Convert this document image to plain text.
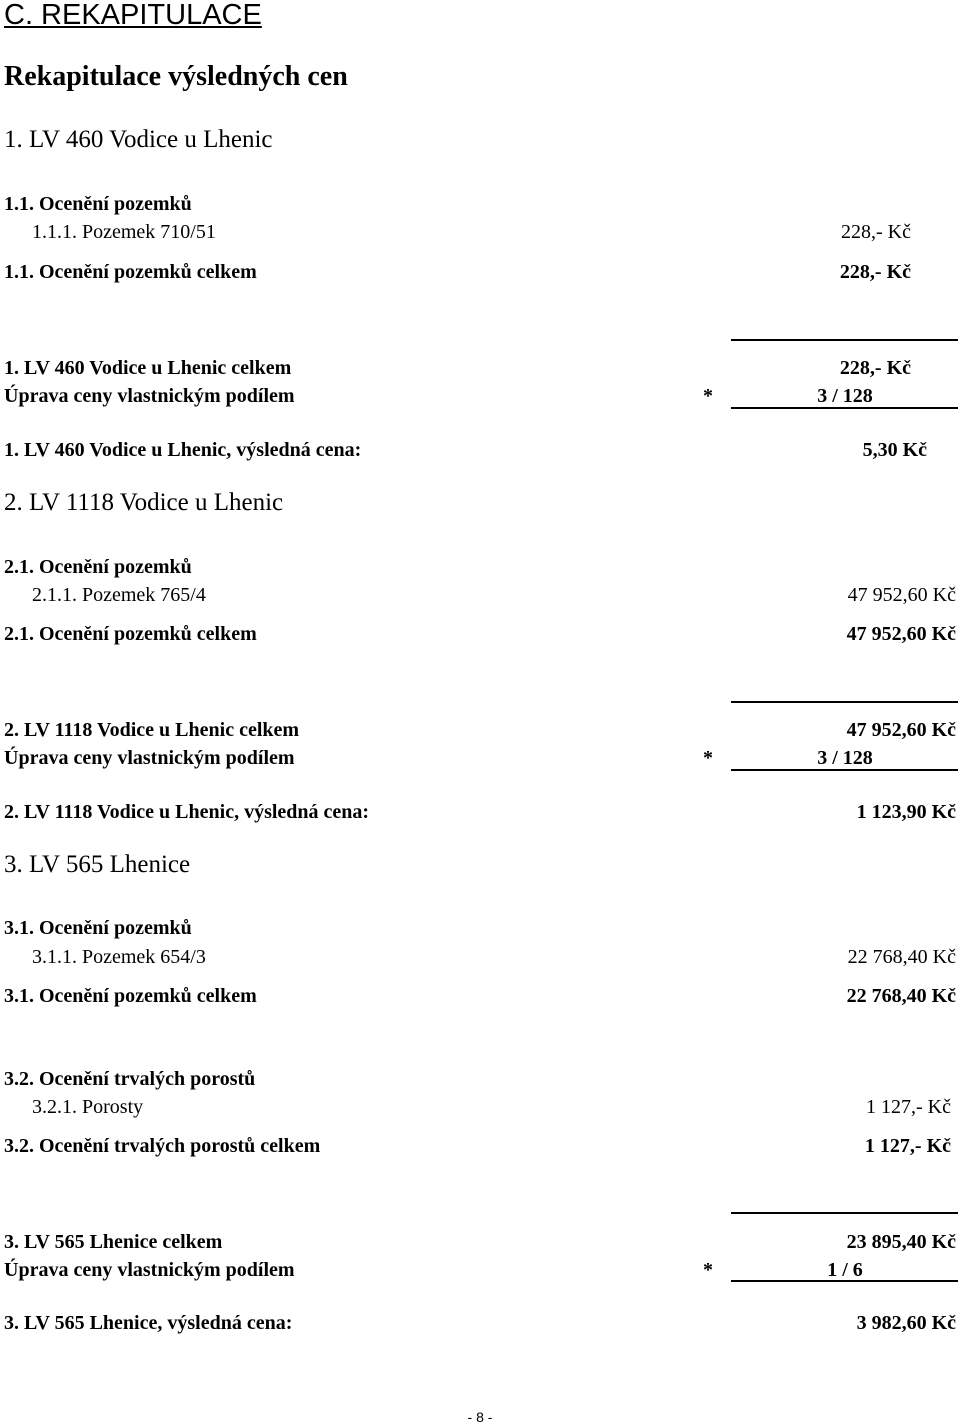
C. REKAPITULACE
Rekapitulace výsledných cen
1. LV 460 Vodice u Lhenic
1.1. Ocenění pozemků
1.1.1. Pozemek 710/51	228,- Kč
1.1. Ocenění pozemků celkem	228,- Kč
1. LV 460 Vodice u Lhenic celkem	228,- Kč
Úprava ceny vlastnickým podílem	*	3 / 128
1. LV 460 Vodice u Lhenic, výsledná cena:	5,30 Kč
2. LV 1118 Vodice u Lhenic
2.1. Ocenění pozemků
2.1.1. Pozemek 765/4	47 952,60 Kč
2.1. Ocenění pozemků celkem	47 952,60 Kč
2. LV 1118 Vodice u Lhenic celkem	47 952,60 Kč
Úprava ceny vlastnickým podílem	*	3 / 128
2. LV 1118 Vodice u Lhenic, výsledná cena:	1 123,90 Kč
3. LV 565 Lhenice
3.1. Ocenění pozemků
3.1.1. Pozemek 654/3	22 768,40 Kč
3.1. Ocenění pozemků celkem	22 768,40 Kč
3.2. Ocenění trvalých porostů
3.2.1. Porosty	1 127,- Kč
3.2. Ocenění trvalých porostů celkem	1 127,- Kč
3. LV 565 Lhenice celkem	23 895,40 Kč
Úprava ceny vlastnickým podílem	*	1 / 6
3. LV 565 Lhenice, výsledná cena:	3 982,60 Kč
- 8 -
